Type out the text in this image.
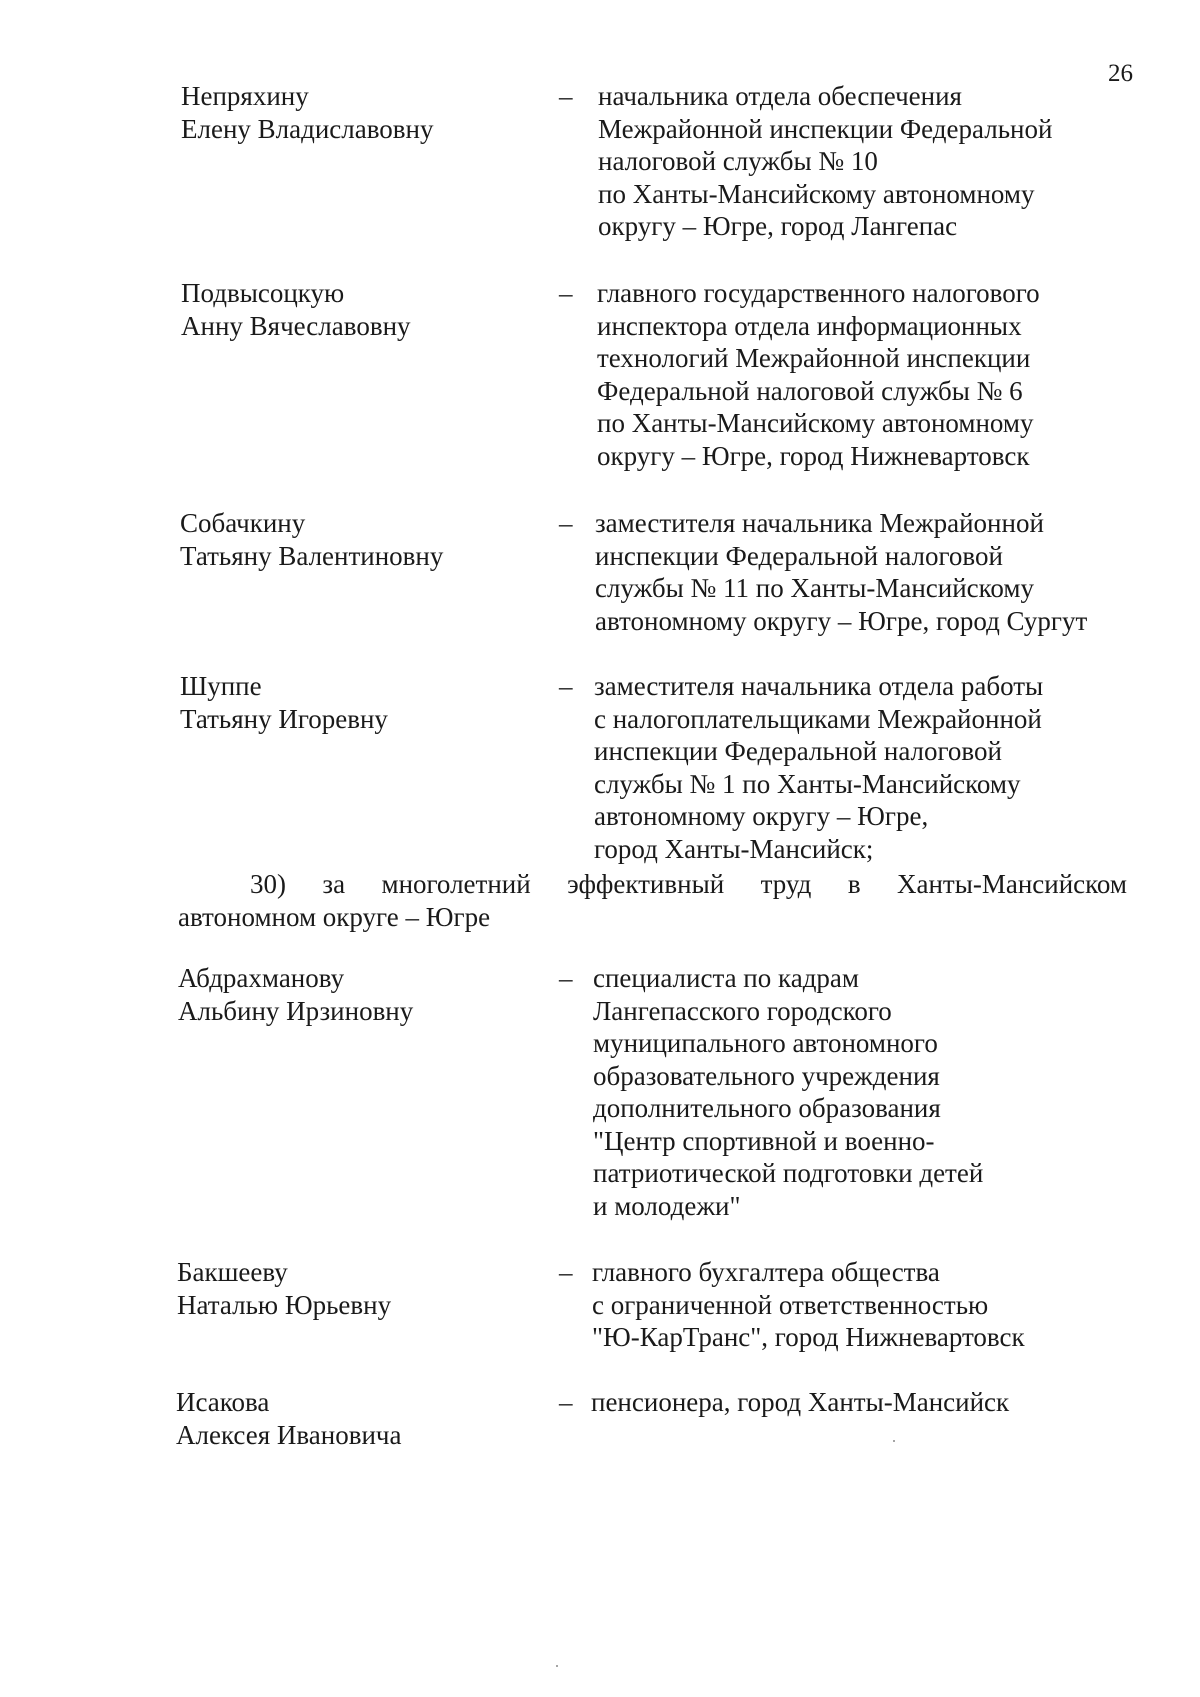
26
Непряхину
Елену Владиславовну
– начальника отдела обеспечения
Межрайонной инспекции Федеральной
налоговой службы № 10
по Ханты-Мансийскому автономному
округу – Югре, город Лангепас
Подвысоцкую
Анну Вячеславовну
– главного государственного налогового
инспектора отдела информационных
технологий Межрайонной инспекции
Федеральной налоговой службы № 6
по Ханты-Мансийскому автономному
округу – Югре, город Нижневартовск
Собачкину
Татьяну Валентиновну
– заместителя начальника Межрайонной
инспекции Федеральной налоговой
службы № 11 по Ханты-Мансийскому
автономному округу – Югре, город Сургут
Шуппе
Татьяну Игоревну
– заместителя начальника отдела работы
с налогоплательщиками Межрайонной
инспекции Федеральной налоговой
службы № 1 по Ханты-Мансийскому
автономному округу – Югре,
город Ханты-Мансийск;
30) за многолетний эффективный труд в Ханты-Мансийском
автономном округе – Югре
Абдрахманову
Альбину Ирзиновну
– специалиста по кадрам
Лангепасского городского
муниципального автономного
образовательного учреждения
дополнительного образования
"Центр спортивной и военно-
патриотической подготовки детей
и молодежи"
Бакшееву
Наталью Юрьевну
– главного бухгалтера общества
с ограниченной ответственностью
"Ю-КарТранс", город Нижневартовск
Исакова
Алексея Ивановича
– пенсионера, город Ханты-Мансийск
